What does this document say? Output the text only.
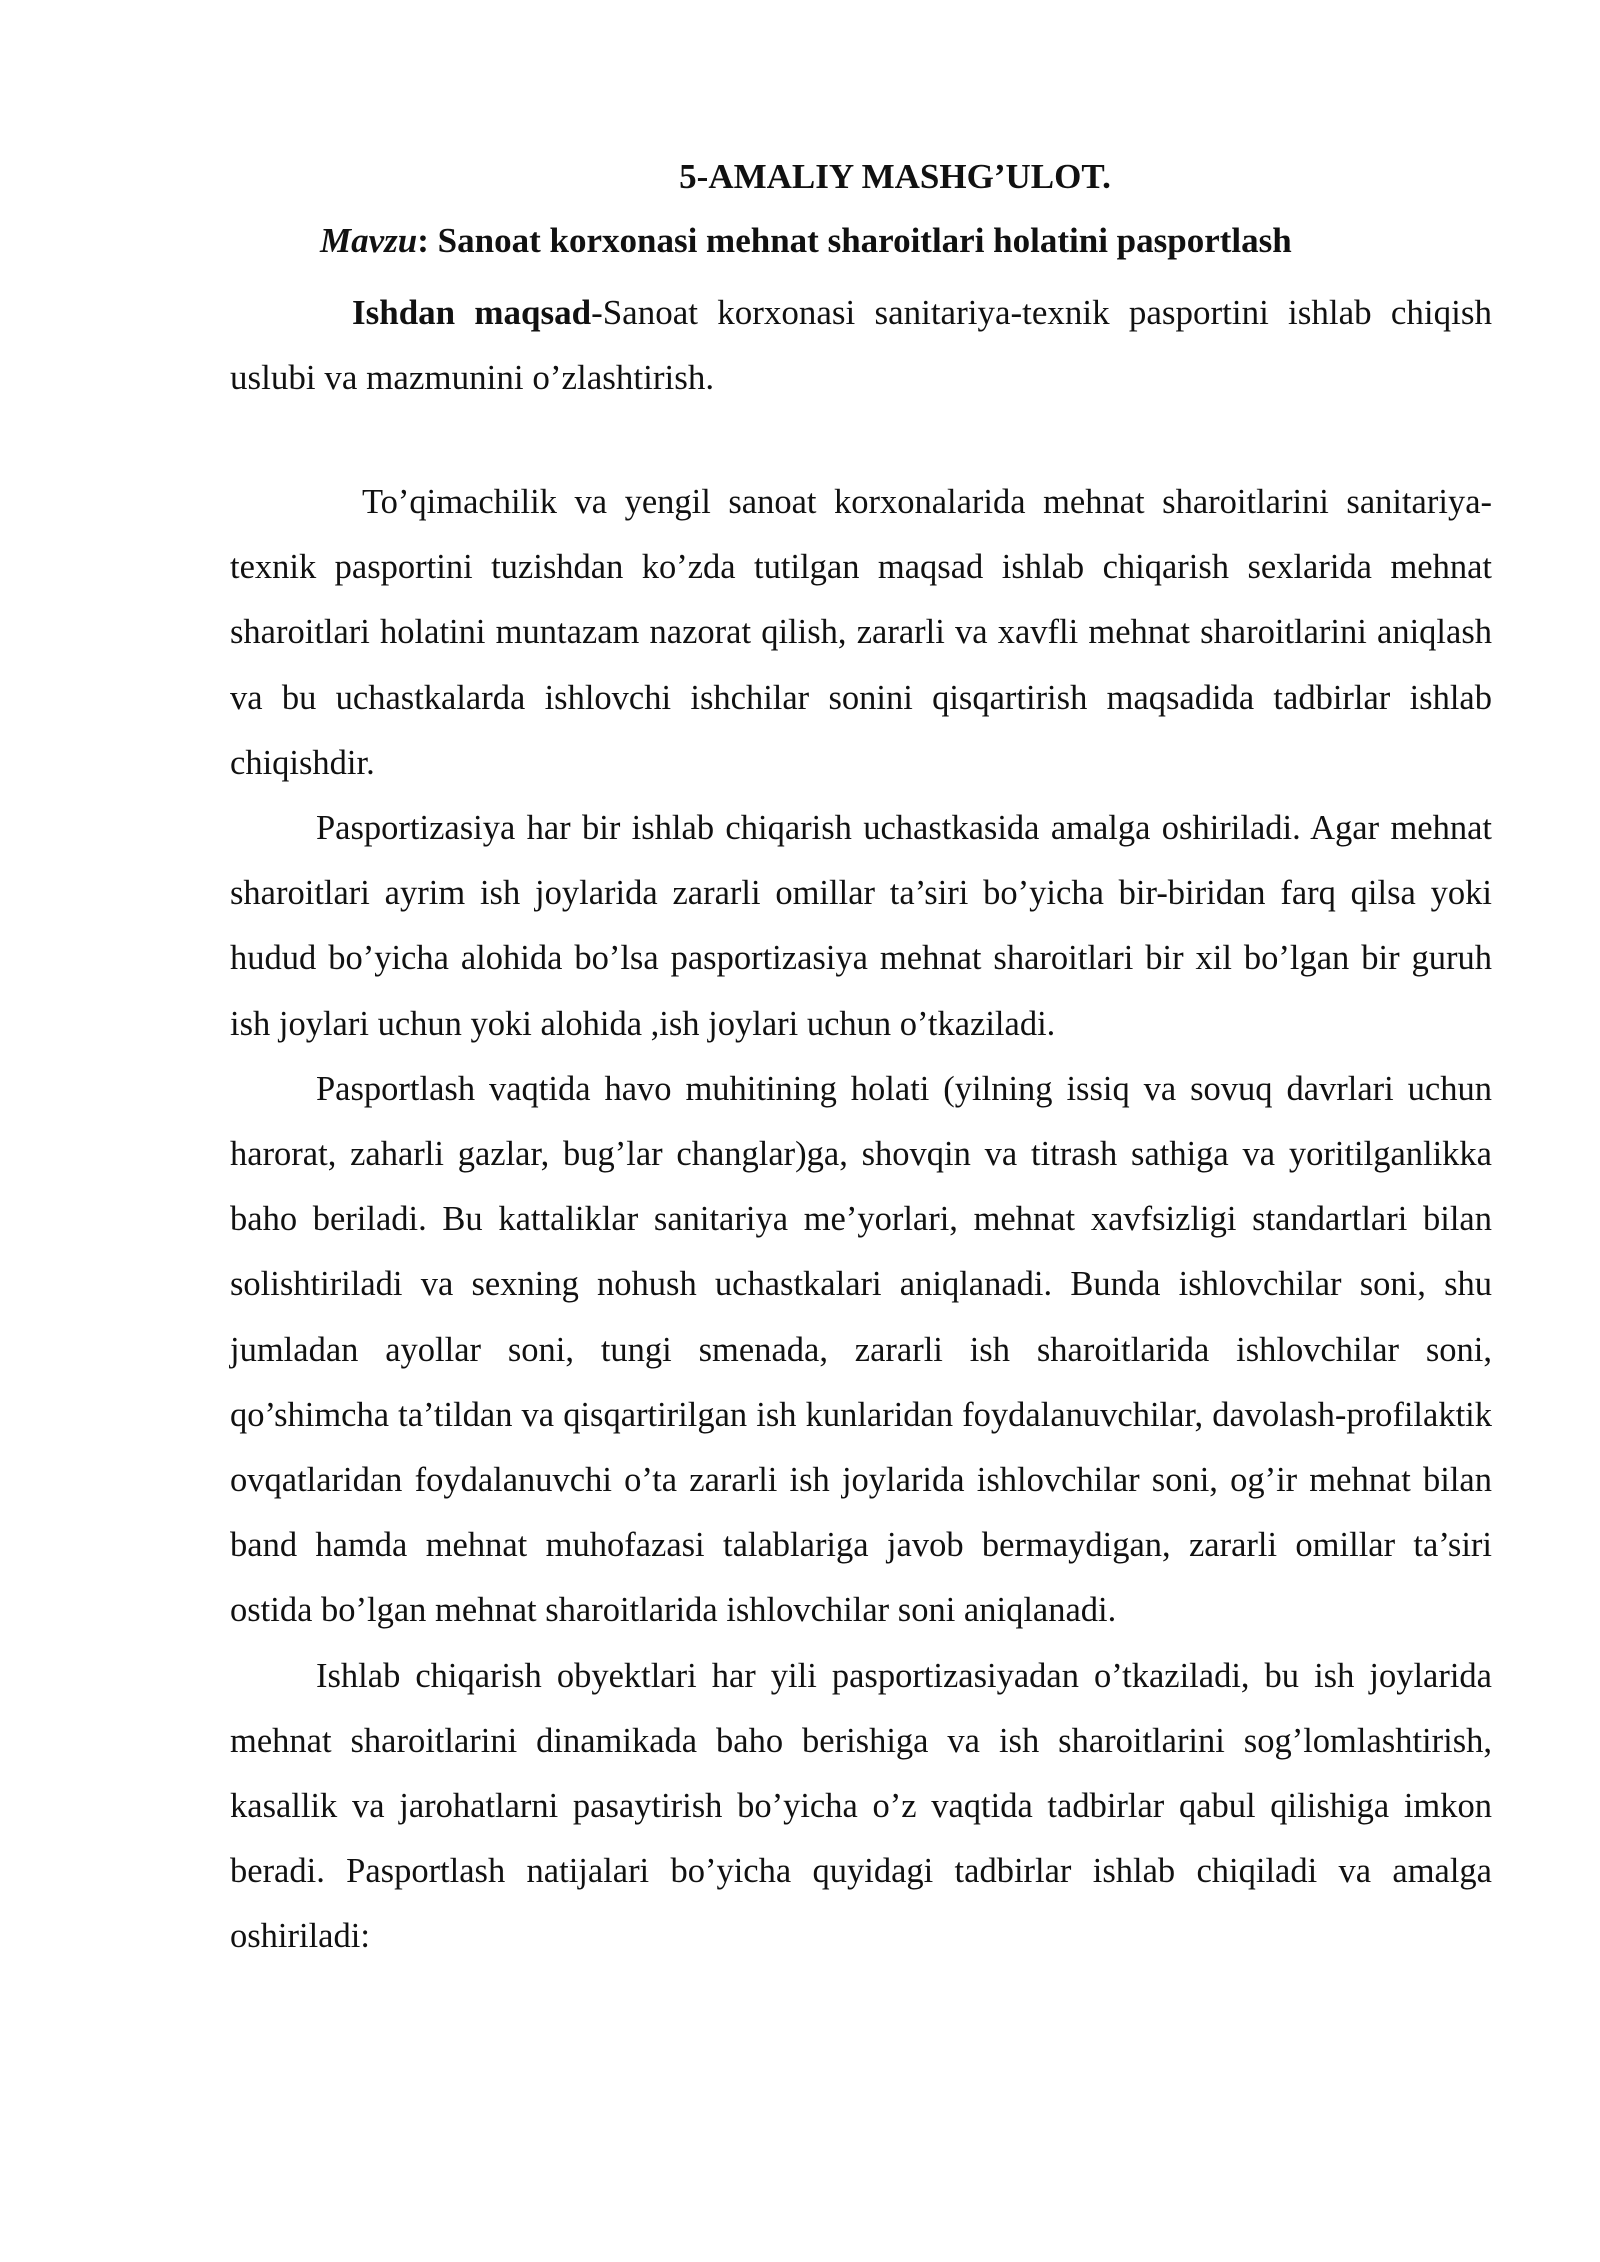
5-AMALIY MASHG’ULOT.
Mavzu: Sanoat korxonasi mehnat sharoitlari holatini pasportlash

Ishdan maqsad-Sanoat korxonasi sanitariya-texnik pasportini ishlab chiqish uslubi va mazmunini o’zlashtirish.

To’qimachilik va yengil sanoat korxonalarida mehnat sharoitlarini sanitariya-texnik pasportini tuzishdan ko’zda tutilgan maqsad ishlab chiqarish sexlarida mehnat sharoitlari holatini muntazam nazorat qilish, zararli va xavfli mehnat sharoitlarini aniqlash va bu uchastkalarda ishlovchi ishchilar sonini qisqartirish maqsadida tadbirlar ishlab chiqishdir.

Pasportizasiya har bir ishlab chiqarish uchastkasida amalga oshiriladi. Agar mehnat sharoitlari ayrim ish joylarida zararli omillar ta’siri bo’yicha bir-biridan farq qilsa yoki hudud bo’yicha alohida bo’lsa pasportizasiya mehnat sharoitlari bir xil bo’lgan bir guruh ish joylari uchun yoki alohida ,ish joylari uchun o’tkaziladi.

Pasportlash vaqtida havo muhitining holati (yilning issiq va sovuq davrlari uchun harorat, zaharli gazlar, bug’lar changlar)ga, shovqin va titrash sathiga va yoritilganlikka baho beriladi. Bu kattaliklar sanitariya me’yorlari, mehnat xavfsizligi standartlari bilan solishtiriladi va sexning nohush uchastkalari aniqlanadi. Bunda ishlovchilar soni, shu jumladan ayollar soni, tungi smenada, zararli ish sharoitlarida ishlovchilar soni, qo’shimcha ta’tildan va qisqartirilgan ish kunlaridan foydalanuvchilar, davolash-profilaktik ovqatlaridan foydalanuvchi o’ta zararli ish joylarida ishlovchilar soni, og’ir mehnat bilan band hamda mehnat muhofazasi talablariga javob bermaydigan, zararli omillar ta’siri ostida bo’lgan mehnat sharoitlarida ishlovchilar soni aniqlanadi.

Ishlab chiqarish obyektlari har yili pasportizasiyadan o’tkaziladi, bu ish joylarida mehnat sharoitlarini dinamikada baho berishiga va ish sharoitlarini sog’lomlashtirish, kasallik va jarohatlarni pasaytirish bo’yicha o’z vaqtida tadbirlar qabul qilishiga imkon beradi. Pasportlash natijalari bo’yicha quyidagi tadbirlar ishlab chiqiladi va amalga oshiriladi:
